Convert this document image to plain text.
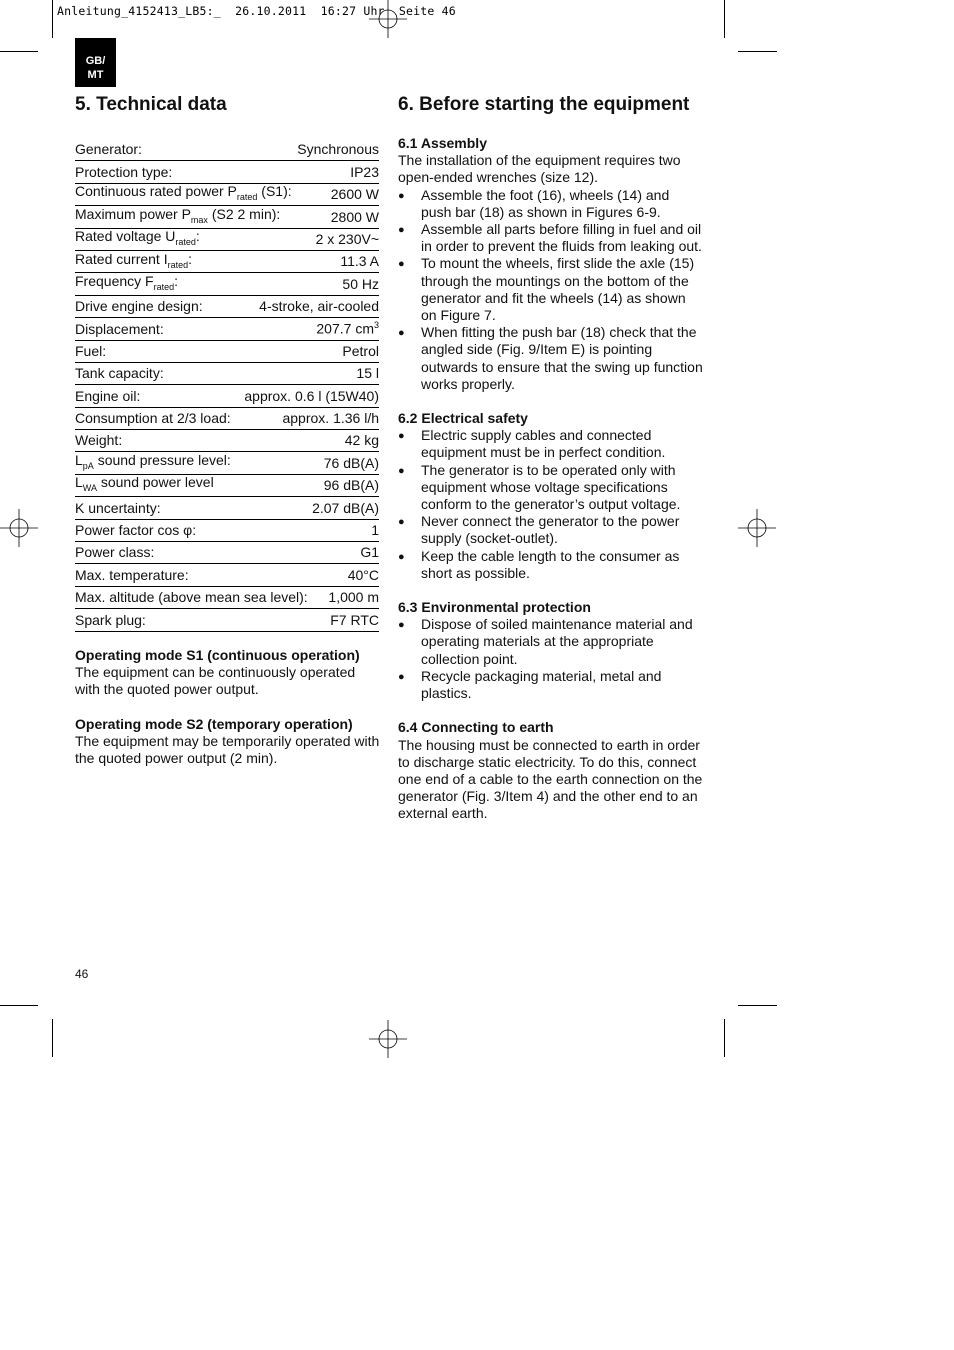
Anleitung_4152413_LB5:_  26.10.2011  16:27 Uhr  Seite 46
GB/
MT
5. Technical data	6. Before starting the equipment
Generator:	Synchronous
Protection type:	IP23
Continuous rated power $P_{rated}$ (S1):	2600 W
Maximum power $P_{max}$ (S2 2 min):	2800 W
Rated voltage $U_{rated}$:	2 x 230V~
Rated current $I_{rated}$:	11.3 A
Frequency $F_{rated}$:	50 Hz
Drive engine design:	4-stroke, air-cooled
Displacement:	207.7 $cm^3$
Fuel:	Petrol
Tank capacity:	15 l
Engine oil:	approx. 0.6 l (15W40)
Consumption at 2/3 load:	approx. 1.36 l/h
Weight:	42 kg
$L_{pA}$ sound pressure level:	76 dB(A)
$L_{WA}$ sound power level	96 dB(A)
K uncertainty:	2.07 dB(A)
Power factor cos φ:	1
Power class:	G1
Max. temperature:	40°C
Max. altitude (above mean sea level): 1,000 m
Spark plug:	F7 RTC

Operating mode S1 (continuous operation)

The equipment can be continuously operated with the quoted power output.

Operating mode S2 (temporary operation)

The equipment may be temporarily operated with the quoted power output (2 min).

6.1 Assembly

The installation of the equipment requires two open-ended wrenches (size 12).

● Assemble the foot (16), wheels (14) and push bar (18) as shown in Figures 6-9.
● Assemble all parts before filling in fuel and oil in order to prevent the fluids from leaking out.
● To mount the wheels, first slide the axle (15) through the mountings on the bottom of the generator and fit the wheels (14) as shown on Figure 7.
● When fitting the push bar (18) check that the angled side (Fig. 9/Item E) is pointing outwards to ensure that the swing up function works properly.

6.2 Electrical safety

● Electric supply cables and connected equipment must be in perfect condition.
● The generator is to be operated only with equipment whose voltage specifications conform to the generator’s output voltage.
● Never connect the generator to the power supply (socket-outlet).
● Keep the cable length to the consumer as short as possible.

6.3 Environmental protection

● Dispose of soiled maintenance material and operating materials at the appropriate collection point.
● Recycle packaging material, metal and plastics.

6.4 Connecting to earth

The housing must be connected to earth in order to discharge static electricity. To do this, connect one end of a cable to the earth connection on the generator (Fig. 3/Item 4) and the other end to an external earth.

46
